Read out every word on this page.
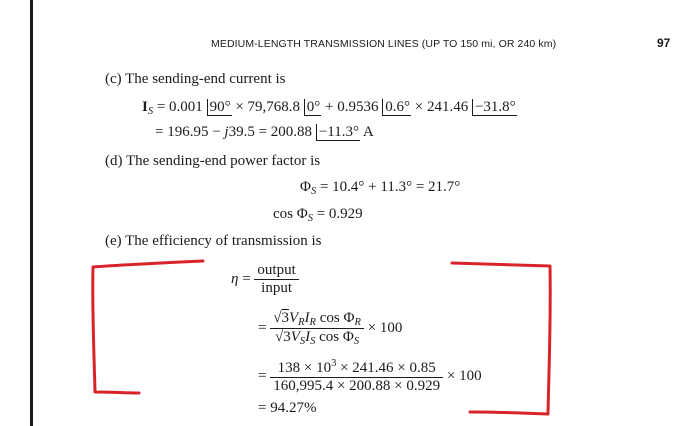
MEDIUM-LENGTH TRANSMISSION LINES (UP TO 150 mi, OR 240 km)	97
(c) The sending-end current is
$I_S = 0.001$ 90° × 79,768.8 0° + 0.9536 0.6° × 241.46 −31.8°
= 196.95 − j39.5 = 200.88 −11.3° A
(d) The sending-end power factor is
$\Phi_S = 10.4^\circ + 11.3^\circ = 21.7^\circ$
$\cos \Phi_S = 0.929$
(e) The efficiency of transmission is
$\eta = \frac{\text{output}}{\text{input}}$
= $\frac{√3V_RI_R \cos \Phi_R}{√3V_SI_S \cos \Phi_S} \times 100$
= $\frac{138 \times 10^3 \times 241.46 \times 0.85}{160,995.4 \times 200.88 \times 0.929} \times 100$
= 94.27%
